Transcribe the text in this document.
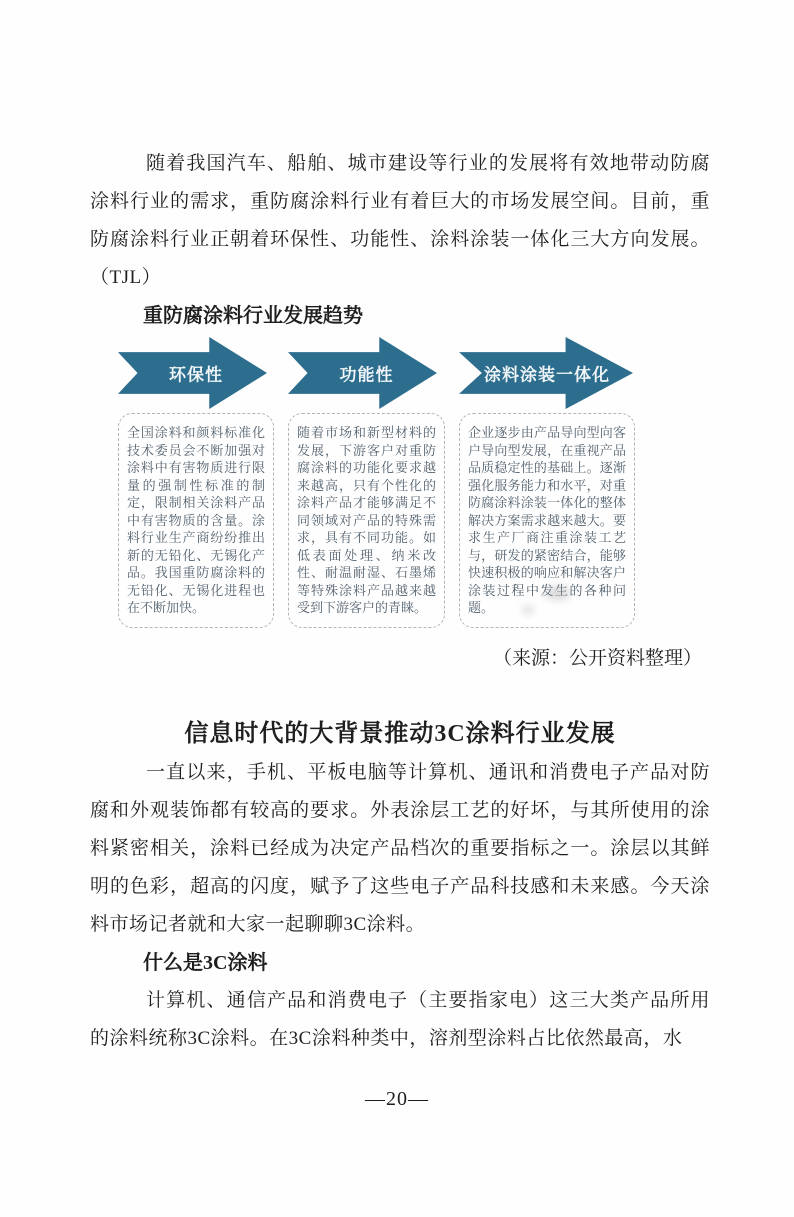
随着我国汽车、船舶、城市建设等行业的发展将有效地带动防腐涂料行业的需求，重防腐涂料行业有着巨大的市场发展空间。目前，重防腐涂料行业正朝着环保性、功能性、涂料涂装一体化三大方向发展。（TJL）

重防腐涂料行业发展趋势
环保性

全国涂料和颜料标准化技术委员会不断加强对涂料中有害物质进行限量的强制性标准的制定，限制相关涂料产品中有害物质的含量。涂料行业生产商纷纷推出新的无铅化、无锡化产品。我国重防腐涂料的无铅化、无锡化进程也在不断加快。

功能性

随着市场和新型材料的发展，下游客户对重防腐涂料的功能化要求越来越高，只有个性化的涂料产品才能够满足不同领域对产品的特殊需求，具有不同功能。如低表面处理、纳米改性、耐温耐湿、石墨烯等特殊涂料产品越来越受到下游客户的青睐。

涂料涂装一体化

企业逐步由产品导向型向客户导向型发展，在重视产品品质稳定性的基础上。逐渐强化服务能力和水平，对重防腐涂料涂装一体化的整体解决方案需求越来越大。要求生产厂商注重涂装工艺与，研发的紧密结合，能够快速积极的响应和解决客户涂装过程中发生的各种问题。

（来源：公开资料整理）

信息时代的大背景推动3C涂料行业发展

一直以来，手机、平板电脑等计算机、通讯和消费电子产品对防腐和外观装饰都有较高的要求。外表涂层工艺的好坏，与其所使用的涂料紧密相关，涂料已经成为决定产品档次的重要指标之一。涂层以其鲜明的色彩，超高的闪度，赋予了这些电子产品科技感和未来感。今天涂料市场记者就和大家一起聊聊3C涂料。

什么是3C涂料

计算机、通信产品和消费电子（主要指家电）这三大类产品所用的涂料统称3C涂料。在3C涂料种类中，溶剂型涂料占比依然最高，水

—20—
